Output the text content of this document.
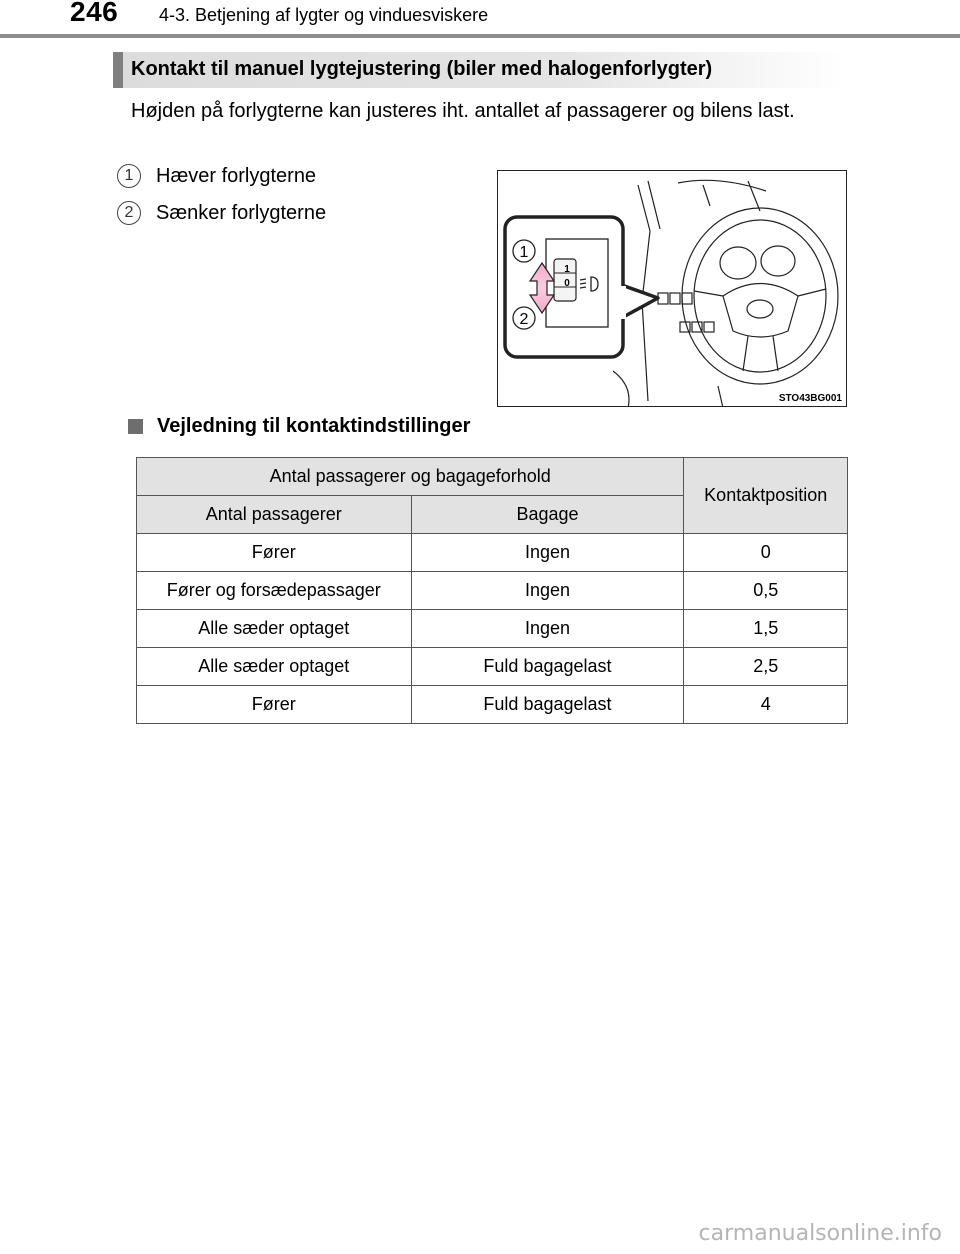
246 4-3. Betjening af lygter og vinduesviskere
Kontakt til manuel lygtejustering (biler med halogenforlygter)
Højden på forlygterne kan justeres iht. antallet af passagerer og bilens last.
1	Hæver forlygterne
2	Sænker forlygterne
1
0
1
2
STO43BG001
Vejledning til kontaktindstillinger
Antal passagerer og bagageforhold		Kontaktposition
Antal passagerer	Bagage	
Fører	Ingen	0
Fører og forsædepassager	Ingen	0,5
Alle sæder optaget	Ingen	1,5
Alle sæder optaget	Fuld bagagelast	2,5
Fører	Fuld bagagelast	4
carmanualsonline.info
